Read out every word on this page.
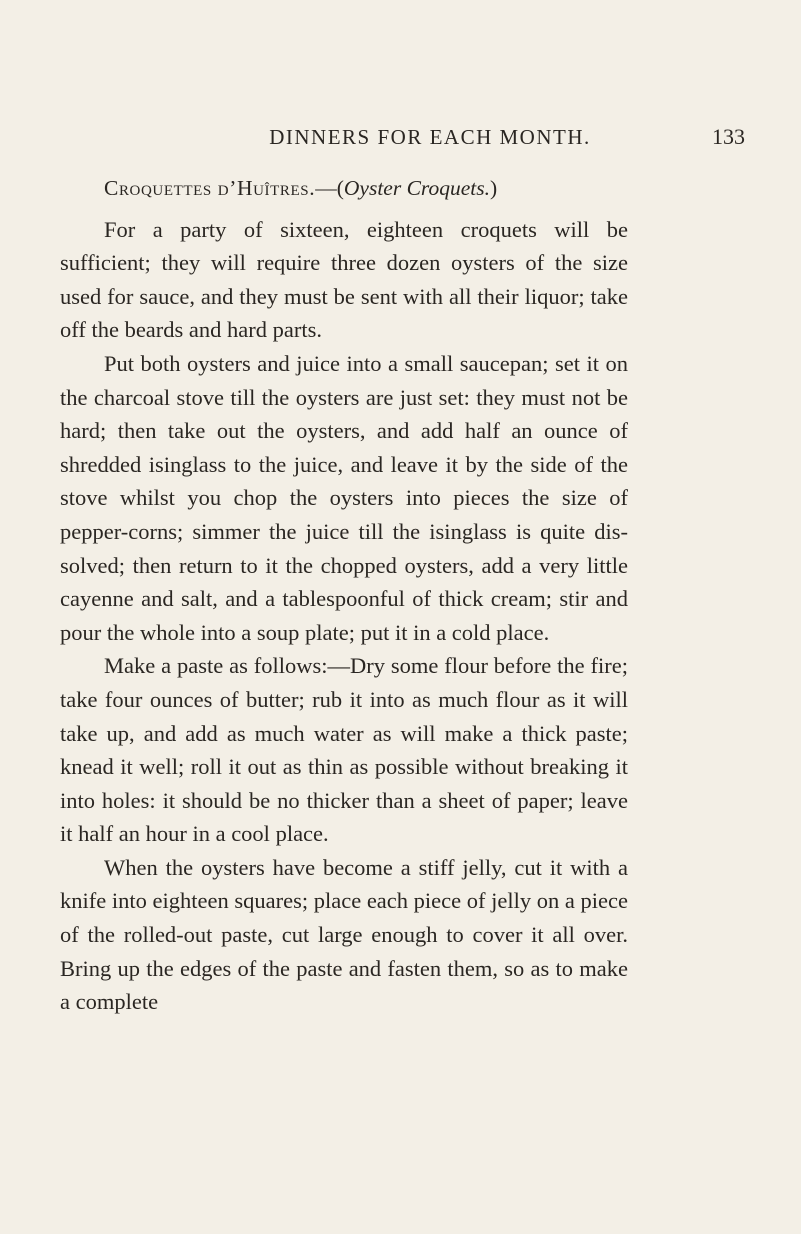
DINNERS FOR EACH MONTH.	133

Croquettes d’Huîtres.—(Oyster Croquets.)

For a party of sixteen, eighteen croquets will be sufficient; they will require three dozen oysters of the size used for sauce, and they must be sent with all their liquor; take off the beards and hard parts.

Put both oysters and juice into a small saucepan; set it on the charcoal stove till the oysters are just set: they must not be hard; then take out the oysters, and add half an ounce of shredded isinglass to the juice, and leave it by the side of the stove whilst you chop the oysters into pieces the size of pepper-corns; simmer the juice till the isinglass is quite dis-solved; then return to it the chopped oysters, add a very little cayenne and salt, and a tablespoonful of thick cream; stir and pour the whole into a soup plate; put it in a cold place.

Make a paste as follows:—Dry some flour before the fire; take four ounces of butter; rub it into as much flour as it will take up, and add as much water as will make a thick paste; knead it well; roll it out as thin as possible without breaking it into holes: it should be no thicker than a sheet of paper; leave it half an hour in a cool place.

When the oysters have become a stiff jelly, cut it with a knife into eighteen squares; place each piece of jelly on a piece of the rolled-out paste, cut large enough to cover it all over. Bring up the edges of the paste and fasten them, so as to make a complete
